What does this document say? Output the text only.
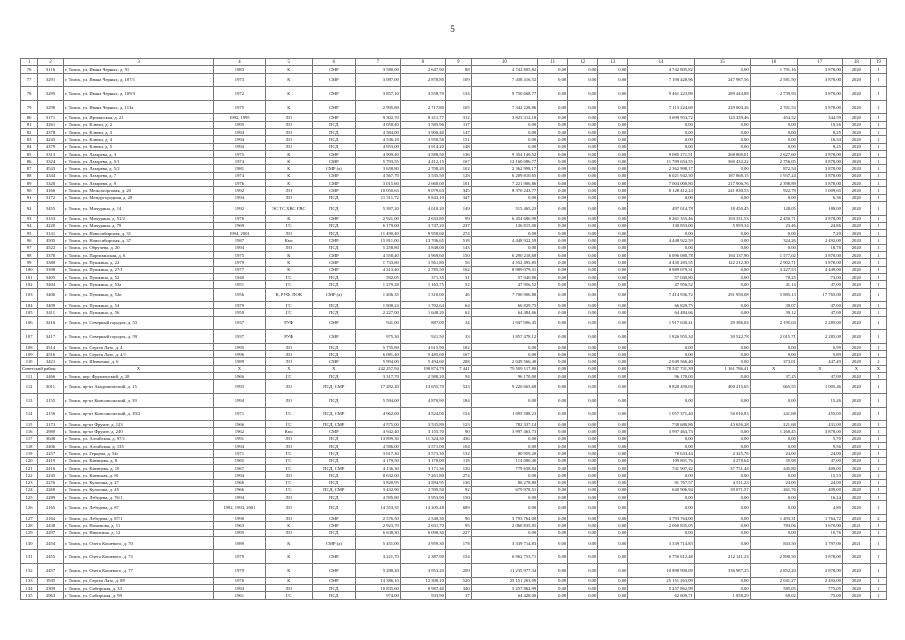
5
1	2	3	4	5	6	7	8	9	10	11	12	13	14	15	16	17	18	19
76	3116	г. Томск, ул. Ивана Черных, д. 91	1983	К	СМР	3 580,00	2 647,90	88	4 742 805,82	0,00	0,00	0,00	4 742 805,82	0,00	1 791,16	3 878,00	2020	1
77	3291	г. Томск, ул. Ивана Черных, д. 107/1	1973	К	СМР	3 087,00	2 878,80	109	7 438 416,52	0,00	0,00	0,00	7 190 428,96	247 987,56	2 581,50	3 878,00	2020	1
78	3295	г. Томск, ул. Ивана Черных, д. 109/3	1972	К	СМР	3 857,10	3 558,70	134	9 750 668,77	0,00	0,00	0,00	9 461 223,89	289 444,88	2 739,93	3 878,00	2020	1
79	3298	г. Томск, ул. Ивана Черных, д. 113а	1975	К	СМР	2 995,80	2 717,80	105	7 342 228,86	0,00	0,00	0,00	7 113 224,60	229 004,26	2 701,53	3 878,00	2020	1
80	3171	г. Томск, ул. Иртышская, д. 21	1992, 1995	ЛО	СМР	9 302,70	8 411,77	312	3 823 312,18	0,00	0,00	0,00	3 699 953,72	123 359,46	454,52	344,59	2020	1
81	4261	г. Томск, ул. Ключи, д. 2	1995	ЛО	ПСД	4 058,40	3 585,96	117	0,00	0,00	0,00	0,00	0,00	0,00	0,00	19,26	2020	1
82	4378	г. Томск, ул. Ключи, д. 3	1994	ЛО	ПСД	4 584,00	3 900,40	147	0,00	0,00	0,00	0,00	0,00	0,00	0,00	8,25	2020	1
83	4245	г. Томск, ул. Ключи, д. 4	1994	ЛО	ПСД	4 536,18	3 950,58	151	0,00	0,00	0,00	0,00	0,00	0,00	0,00	16,34	2020	1
84	4379	г. Томск, ул. Ключи, д. 5	1994	ЛО	ПСД	4 953,00	3 914,20	148	0,00	0,00	0,00	0,00	0,00	0,00	0,00	8,25	2020	1
85	3313	г. Томск, ул. Лазарева, д. 3	1975	К	СМР	4 909,40	3 588,50	136	9 354 140,52	0,00	0,00	0,00	9 085 271,51	268 869,01	2 627,60	3 878,00	2020	1
86	3324	г. Томск, ул. Лазарева, д. 5/1	1974	К	СМР	5 793,55	4 412,15	167	12 160 086,77	0,00	0,00	0,00	11 799 654,55	360 432,22	2 756,05	3 878,00	2020	1
87	4543	г. Томск, ул. Лазарева, д. 5/2	1981	К	СМР (а)	3 658,80	2 708,20	102	2 362 998,17	0,00	0,00	0,00	2 362 998,17	0,00	872,54	3 878,00	2020	1
88	4344	г. Томск, ул. Лазарева, д. 7	1974	К	СМР	4 567,70	3 535,50	128	6 209 810,65	0,00	0,00	0,00	6 021 942,50	187 868,15	1 937,24	3 878,00	2020	1
89	5320	г. Томск, ул. Лазарева, д. 9	1976	К	СМР	3 015,60	2 660,00	101	7 221 906,86	0,00	0,00	0,00	7 004 000,80	217 906,76	2 398,89	3 878,00	2020	1
90	4166	г. Томск, ул. Межсаторговая, д. 20	1992	ЛО	СМР	10 050,63	9 079,63	345	8 370 243,77	0,00	0,00	0,00	8 128 412,24	241 830,53	922,79	1 009,65	2020	1
91	3172	г. Томск, ул. Междугородная, д. 28	1994	ЛО	ПСД	11 511,72	9 843,10	347	0,00	0,00	0,00	0,00	0,00	0,00	0,00	6,36	2020	1
92	5455	г. Томск, ул. Мичурина, д. 14	1992	ЭС ТС ХВС ГВС	ПСД	5 397,20	4 010,20	149	515 465,23	0,00	0,00	0,00	497 014,78	18 450,45	128,05	188,00	2020	1
93	3153	г. Томск, ул. Мичурина, д. 51/2	1976	К	СМР	2 921,00	2 633,80	99	6 454 686,99	0,00	0,00	0,00	6 261 355,46	193 331,53	2 450,71	3 878,00	2020	1
94	4220	г. Томск, ул. Мичурина, д. 79	1969	ГС	ПСД	6 179,00	3 747,20	237	136 815,00	0,00	0,00	0,00	130 853,00	5 959,34	23,46	24,86	2020	1
95	3141	г. Томск, ул. Новосибирская, д. 31	1994, 2001	ЛО	ПСД	11 490,40	8 958,60	274	0,00	0,00	0,00	0,00	0,00	0,00	0,00	7,20	2020	1
96	4505	г. Томск, ул. Новосибирская, д. 37	1987	Кмс	СМР	15 811,00	13 706,65	518	4 448 922,59	0,00	0,00	0,00	4 448 922,59	0,00	324,26	2 492,00	2020	1
97	4522	г. Томск, ул. Обручева, д. 20	1994	ЛО	ПСД	5 258,80	3 848,00	143	0,00	0,00	0,00	0,00	0,00	0,00	0,00	16,78	2020	1
98	3378	г. Томск, ул. Партизанская, д. 6	1975	К	СМР	4 558,40	3 969,60	150	6 290 218,68	0,00	0,00	0,00	6 096 080,78	194 137,90	1 577,02	3 878,00	2020	1
99	3380	г. Томск, ул. Пушкина, д. 22	1979	К	СМР	1 733,80	1 561,80	56	4 552 495,85	0,00	0,00	0,00	4 430 283,55	122 212,30	2 902,71	3 878,00	2020	1
100	3398	г. Томск, ул. Пушкина, д. 27/1	1977	К	СМР	4 313,40	2 785,50	102	8 989 079,31	0,00	0,00	0,00	8 989 079,31	0,00	3 227,53	4 449,00	2020	1
101	3405	г. Томск, ул. Пушкина, д. 52	1940	ГС	ПСД	592,05	371,35	31	57 040,80	0,00	0,00	0,00	57 040,80	0,00	70,25	73,00	2020	1
102	3404	г. Томск, ул. Пушкина, д. 53а	1951	ГС	ПСД	1 279,28	1 165,75	52	47 956,52	0,00	0,00	0,00	47 956,52	0,00	41,14	47,00	2020	1
103	3406	г. Томск, ул. Пушкина, д. 52в	1956	К, РУФ, ПОК	СМР (а)	1 406,35	1 310,00	46	7 706 906,80	0,00	0,00	0,00	7 414 936,72	291 950,08	5 885,13	17 765,00	2020	1
104	3409	г. Томск, ул. Пушкина, д. 54	1979	ГС	ПСД	1 908,24	1 702,64	64	66 829,75	0,00	0,00	0,00	66 829,75	0,00	39,07	47,00	2020	1
105	3411	г. Томск, ул. Пушкина, д. 56	1959	ГС	ПСД	2 227,00	1 648,20	62	64 484,66	0,00	0,00	0,00	64 484,66	0,00	39,12	47,00	2020	1
106	3416	г. Томск, ул. Северный городок, д. 53	1937	РУФ	СМР	941,00	887,00	34	1 947 006,45	0,00	0,00	0,00	1 917 630,41	29 386,04	2 195,04	2 285,00	2020	1
107	3417	г. Томск, ул. Северный городок, д. 59	1937	РУФ	СМР	975,30	921,50	33	1 857 478,12	0,00	0,00	0,00	1 826 955,34	30 522,78	2 015,71	2 285,00	2020	1
108	4514	г. Томск, ул. Сергея Лазо, д. 4	1995	ЛО	ПСД	5 755,80	4 615,90	182	0,00	0,00	0,00	0,00	0,00	0,00	0,00	6,99	2020	1
109	4516	г. Томск, ул. Сергея Лазо, д. 4/1	1996	ЛО	ПСД	6 081,40	5 485,60	167	0,00	0,00	0,00	0,00	0,00	0,00	0,00	5,89	2020	1
110	3421	г. Томск, ул. Шевченко, д. 6	1989	ЛО	СМР	5 994,00	5 494,60	208	2 049 566,40	0,00	0,00	0,00	2 049 566,40	0,00	373,01	447,49	2020	2
Советский район		X	X	X	X	242 257,94	198 874,79	7 441	79 509 117,80	0,00	0,00	0,00	78 547 731,39	1 161 786,41	X	X	X	X
111	2466	г. Томск, пер. Фрунзенский, д. 28	1966	ГС	ПСД	3 317,70	2 580,20	94	96 170,00	0,00	0,00	0,00	96 170,00	0,00	37,25	47,00	2020	1
112	3011	г. Томск, пр-кт Академический, д. 15	1993	ЛО	ПСД, СМР	17 282,20	13 655,70	523	9 220 665,68	0,00	0,00	0,00	8 820 450,03	400 215,65	665,55	1 005,46	2020	1
113	2155	г. Томск, пр-кт Комсомольский, д. 39	1994	ЛО	ПСД	5 594,00	4 870,90	184	0,00	0,00	0,00	0,00	0,00	0,00	0,00	15,26	2020	1
114	2156	г. Томск, пр-кт Комсомольский, д. 39/2	1971	ГС	ПСД, СМР	4 962,00	4 524,00	154	1 095 588,23	0,00	0,00	0,00	1 057 371,40	56 016,83	241,68	455,00	2020	1
115	2173	г. Томск, пр-кт Фрунзе, д. 123	1966	ГС	ПСД, СМР	4 575,00	3 535,89	123	782 337,14	0,00	0,00	0,00	738 680,86	43 656,28	221,68	431,00	2020	1
116	2980	г. Томск, пр-кт Фрунзе, д. 240	1962	Кмс	СМР	4 942,40	3 155,70	90	3 997 463,73	0,00	0,00	0,00	3 997 463,73	0,00	1 268,45	3 878,00	2020	1
117	3048	г. Томск, ул. Алтайская, д. 97/1	1991	ЛО	ПСД	13 899,30	11 324,30	436	0,00	0,00	0,00	0,00	0,00	0,00	0,00	5,70	2020	1
118	2406	г. Томск, ул. Алтайская, д. 135	1994	ЛО	ПСД	4 586,00	3 571,00	104	0,00	0,00	0,00	0,00	0,00	0,00	0,00	9,56	2020	1
119	2257	г. Томск, ул. Герцена, д. 54г	1971	ГС	ПСД	3 617,30	3 573,30	132	80 959,20	0,00	0,00	0,00	78 633,44	2 325,76	24,00	24,00	2020	1
120	2419	г. Томск, ул. Киевцева, д. 8	1965	ГС	ПСД	4 179,50	3 170,00	118	114 080,40	0,00	0,00	0,00	109 801,76	4 278,64	35,98	47,00	2020	1
121	2416	г. Томск, ул. Киевцева, д. 10	1967	ГС	ПСД, СМР	4 136,30	3 171,36	130	779 658,84	0,00	0,00	0,00	741 907,42	37 751,44	245,80	409,00	2020	1
122	2245	г. Томск, ул. Киевская, д. 81	1994	ЛО	ПСД	8 632,00	7 261,80	274	0,00	0,00	0,00	0,00	0,00	0,00	0,00	15,53	2020	1
123	2276	г. Томск, ул. Кулагина, д. 27	1966	ГС	ПСД	3 820,95	3 594,95	136	86 278,80	0,00	0,00	0,00	81 767,57	4 511,23	24,00	24,00	2020	1
124	2260	г. Томск, ул. Кулагина, д. 45	1966	ГС	ПСД, СМР	3 432,90	2 595,50	92	679 978,51	0,00	0,00	0,00	640 906,94	39 071,57	261,76	409,00	2020	1
125	2289	г. Томск, ул. Лебедева, д. 76/1	1994	ЛО	ПСД	4 595,80	3 953,90	150	0,00	0,00	0,00	0,00	0,00	0,00	0,00	16,24	2020	1
126	2165	г. Томск, ул. Лебедева, д. 87	1992, 1993, 2001	ЛО	ПСД	14 553,35	13 205,48	689	0,00	0,00	0,00	0,00	0,00	0,00	0,00	4,89	2020	1
127	2164	г. Томск, ул. Лебедева, д. 87/1	1990	ЛО	СМР	2 576,50	2 540,30	96	3 793 764,00	0,00	0,00	0,00	3 793 764,00	0,00	1 493,31	1 764,72	2020	2
128	2438	г. Томск, ул. Нахимова, д. 11	1963	К	СМР	2 923,70	2 631,70	95	2 060 835,05	0,00	0,00	0,00	2 060 835,05	0,00	783,06	3 670,00	2021	1
129	2297	г. Томск, ул. Никитина, д. 12	1995	ЛО	ПСД	6 638,30	6 090,30	227	0,00	0,00	0,00	0,00	0,00	0,00	0,00	10,76	2020	1
130	2454	г. Томск, ул. Олега Кошевого, д. 70	1989	К	СМР (а)	5 451,00	3 959,30	178	3 339 714,83	0,00	0,00	0,00	3 339 714,83	0,00	843,50	3 797,00	2021	1
131	2455	г. Томск, ул. Олега Кошевого, д. 73	1979	К	СМР	3 221,70	2 387,90	154	6 962 753,71	0,00	0,00	0,00	6 750 612,48	212 141,23	2 890,50	3 878,00	2020	1
132	2457	г. Томск, ул. Олега Кошевого, д. 77	1979	К	СМР	5 288,20	3 953,20	209	11 235 977,34	0,00	0,00	0,00	10 898 990,09	336 987,25	2 852,20	3 878,00	2020	1
133	1945	г. Томск, ул. Сергея Лазо, д. 88	1976	К	СМР	14 386,10	12 308,10	520	25 151 263,09	0,00	0,00	0,00	25 151 263,09	0,00	2 041,27	2 492,00	2020	1
134	2309	г. Томск, ул. Сибирская, д. 33	1994	ЛО	ПСД	10 835,60	8 987,40	340	5 257 862,99	0,00	0,00	0,00	5 257 862,99	0,00	585,05	775,05	2020	1
135	2963	г. Томск, ул. Сибирская, д. 99	1961	ГС	ПСД	974,00	933,90	37	64 428,00	0,00	0,00	0,00	62 609,71	1 958,29	69,02	75,00	2020	1
